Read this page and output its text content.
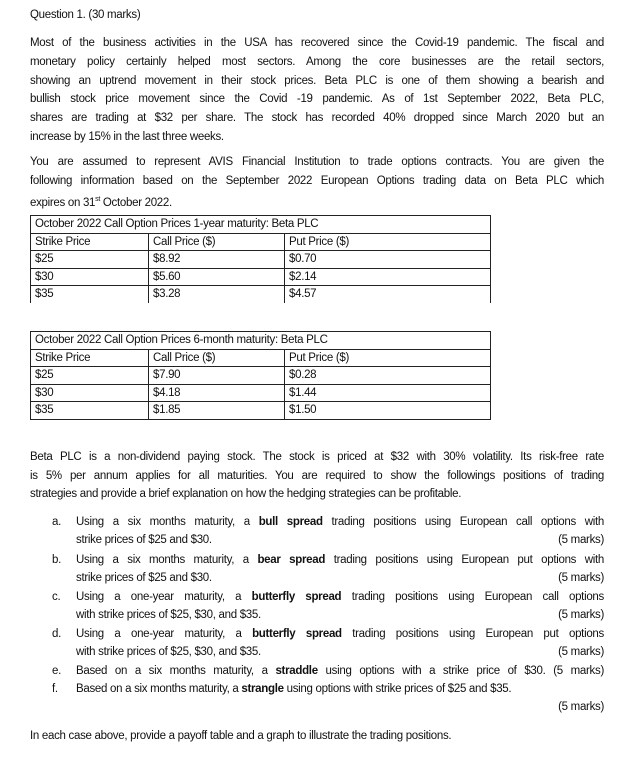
Question 1. (30 marks)
Most of the business activities in the USA has recovered since the Covid-19 pandemic. The fiscal and
monetary policy certainly helped most sectors. Among the core businesses are the retail sectors,
showing an uptrend movement in their stock prices. Beta PLC is one of them showing a bearish and
bullish stock price movement since the Covid -19 pandemic. As of 1st September 2022, Beta PLC,
shares are trading at $32 per share. The stock has recorded 40% dropped since March 2020 but an
increase by 15% in the last three weeks.
You are assumed to represent AVIS Financial Institution to trade options contracts. You are given the
following information based on the September 2022 European Options trading data on Beta PLC which
expires on 31st October 2022.
October 2022 Call Option Prices 1-year maturity: Beta PLC		
Strike Price	Call Price ($)	Put Price ($)
$25	$8.92	$0.70
$30	$5.60	$2.14
$35	$3.28	$4.57
October 2022 Call Option Prices 6-month maturity: Beta PLC		
Strike Price	Call Price ($)	Put Price ($)
$25	$7.90	$0.28
$30	$4.18	$1.44
$35	$1.85	$1.50
Beta PLC is a non-dividend paying stock. The stock is priced at $32 with 30% volatility. Its risk-free rate
is 5% per annum applies for all maturities. You are required to show the followings positions of trading
strategies and provide a brief explanation on how the hedging strategies can be profitable.
a. Using a six months maturity, a bull spread trading positions using European call options with
strike prices of $25 and $30.	(5 marks)
b. Using a six months maturity, a bear spread trading positions using European put options with
strike prices of $25 and $30.	(5 marks)
c. Using a one-year maturity, a butterfly spread trading positions using European call options
with strike prices of $25, $30, and $35.	(5 marks)
d. Using a one-year maturity, a butterfly spread trading positions using European put options
with strike prices of $25, $30, and $35.	(5 marks)
e. Based on a six months maturity, a straddle using options with a strike price of $30. (5 marks)
f. Based on a six months maturity, a strangle using options with strike prices of $25 and $35.
(5 marks)
In each case above, provide a payoff table and a graph to illustrate the trading positions.
